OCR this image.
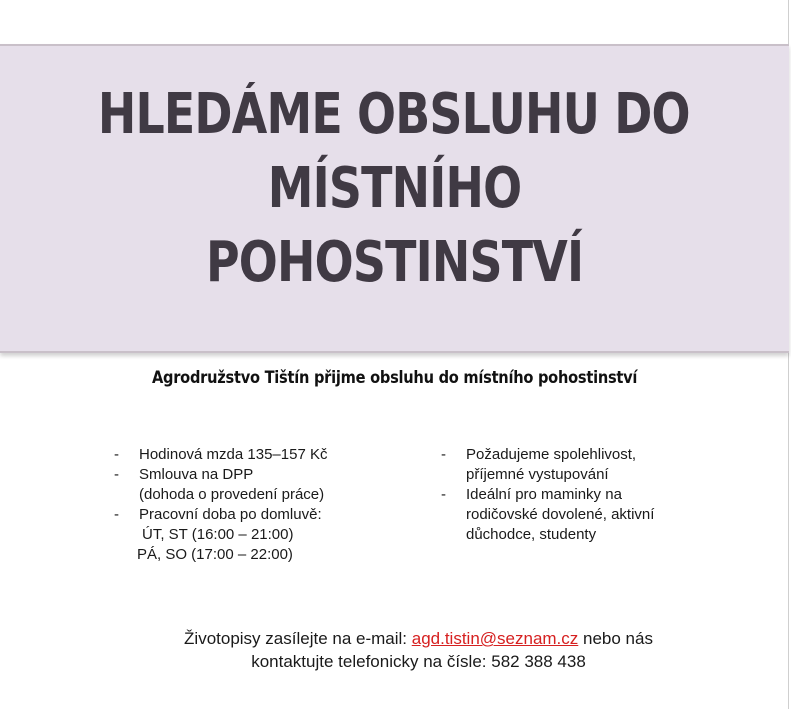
HLEDÁME OBSLUHU DO
MÍSTNÍHO
POHOSTINSTVÍ

Agrodružstvo Tištín přijme obsluhu do místního pohostinství

- Hodinová mzda 135–157 Kč
- Smlouva na DPP
(dohoda o provedení práce)
- Pracovní doba po domluvě:
ÚT, ST (16:00 – 21:00)
PÁ, SO (17:00 – 22:00)
- Požadujeme spolehlivost,
příjemné vystupování
- Ideální pro maminky na
rodičovské dovolené, aktivní
důchodce, studenty

Životopisy zasílejte na e-mail: agd.tistin@seznam.cz nebo nás
kontaktujte telefonicky na čísle: 582 388 438
